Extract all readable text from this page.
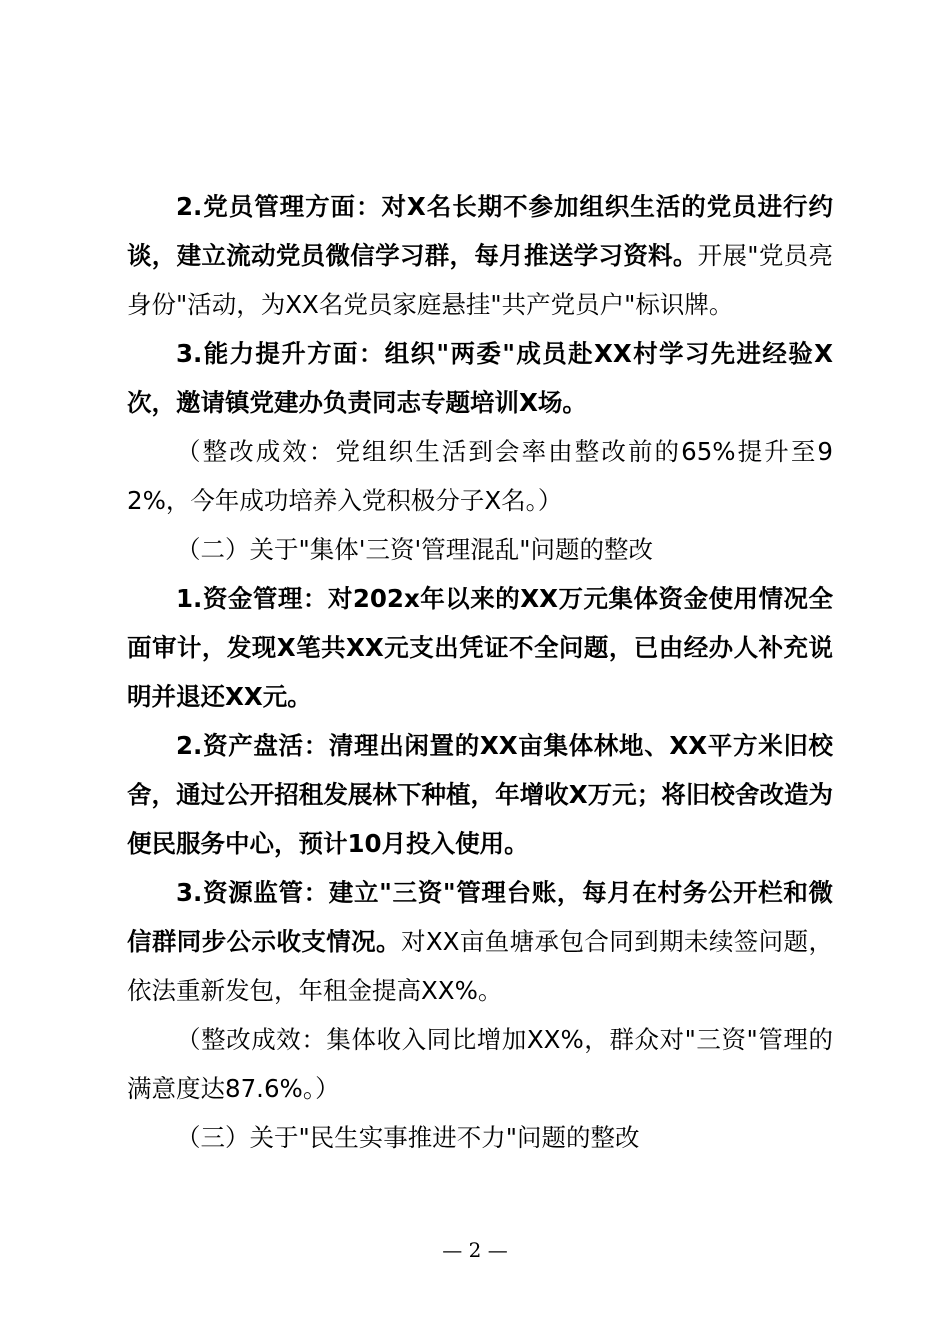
2.党员管理方面：对X名长期不参加组织生活的党员进行约谈，建立流动党员微信学习群，每月推送学习资料。开展"党员亮身份"活动，为XX名党员家庭悬挂"共产党员户"标识牌。

3.能力提升方面：组织"两委"成员赴XX村学习先进经验X次，邀请镇党建办负责同志专题培训X场。

（整改成效：党组织生活到会率由整改前的65%提升至92%，今年成功培养入党积极分子X名。）

（二）关于"集体'三资'管理混乱"问题的整改

1.资金管理：对202x年以来的XX万元集体资金使用情况全面审计，发现X笔共XX元支出凭证不全问题，已由经办人补充说明并退还XX元。

2.资产盘活：清理出闲置的XX亩集体林地、XX平方米旧校舍，通过公开招租发展林下种植，年增收X万元；将旧校舍改造为便民服务中心，预计10月投入使用。

3.资源监管：建立"三资"管理台账，每月在村务公开栏和微信群同步公示收支情况。对XX亩鱼塘承包合同到期未续签问题，依法重新发包，年租金提高XX%。

（整改成效：集体收入同比增加XX%，群众对"三资"管理的满意度达87.6%。）

（三）关于"民生实事推进不力"问题的整改

— 2 —
